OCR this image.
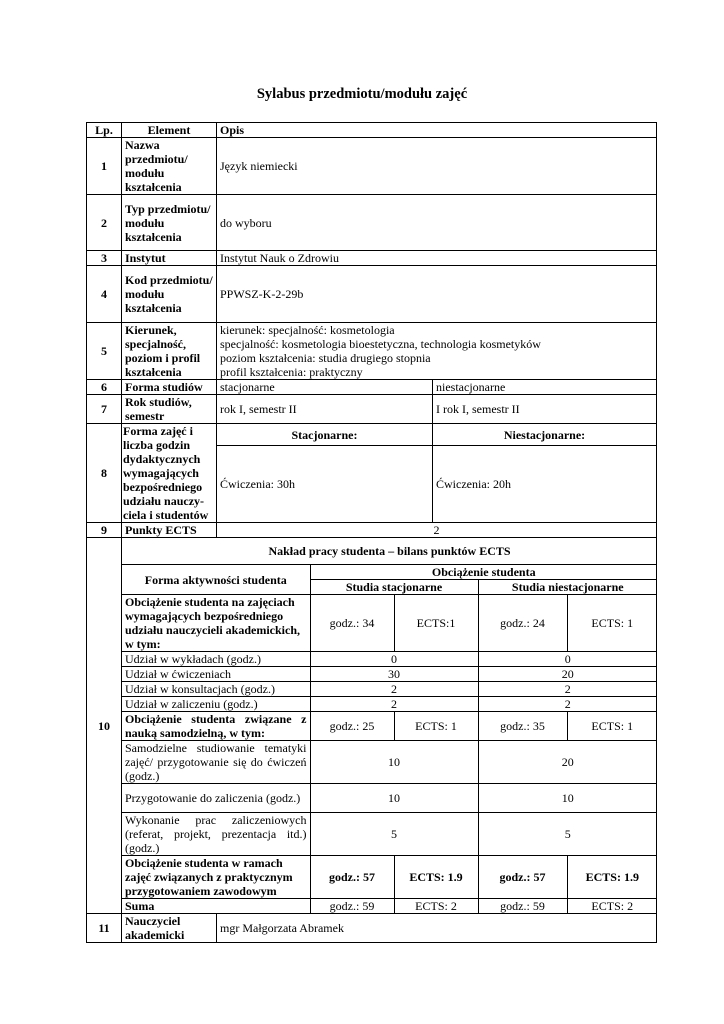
Sylabus przedmiotu/modułu zajęć
Lp.	Element	Opis
1	Nazwa przedmiotu/ modułu kształcenia	Język niemiecki
2	Typ przedmiotu/ modułu kształcenia	do wyboru
3	Instytut	Instytut Nauk o Zdrowiu
4	Kod przedmiotu/ modułu kształcenia	PPWSZ-K-2-29b
5	Kierunek, specjalność, poziom i profil kształcenia	
kierunek: specjalność: kosmetologia
specjalność: kosmetologia bioestetyczna, technologia kosmetyków
poziom kształcenia: studia drugiego stopnia
profil kształcenia: praktyczny

6	Forma studiów	stacjonarne	niestacjonarne
7	Rok studiów, semestr	rok I, semestr II	I rok I, semestr II
8	Forma zajęć i liczba godzin dydaktycznych wymagających bezpośredniego udziału nauczy-ciela i studentów	Stacjonarne:	Niestacjonarne:
Ćwiczenia: 30h	Ćwiczenia: 20h
9	Punkty ECTS	2
10	
Nakład pracy studenta – bilans punktów ECTS
Forma aktywności studenta	Obciążenie studenta
Studia stacjonarne	Studia niestacjonarne
Obciążenie studenta na zajęciach wymagających bezpośredniego udziału nauczycieli akademickich, w tym:	godz.: 34	ECTS:1	godz.: 24	ECTS: 1
Udział w wykładach (godz.)	0	0
Udział w ćwiczeniach	30	20
Udział w konsultacjach (godz.)	2	2
Udział w zaliczeniu (godz.)	2	2
Obciążenie studenta związane z nauką samodzielną, w tym:	godz.: 25	ECTS: 1	godz.: 35	ECTS: 1
Samodzielne studiowanie tematyki zajęć/ przygotowanie się do ćwiczeń (godz.)	10	20
Przygotowanie do zaliczenia (godz.)	10	10
Wykonanie prac zaliczeniowych (referat, projekt, prezentacja itd.) (godz.)	5	5
Obciążenie studenta w ramach zajęć związanych z praktycznym przygotowaniem zawodowym	godz.: 57	ECTS: 1.9	godz.: 57	ECTS: 1.9
Suma	godz.: 59	ECTS: 2	godz.: 59	ECTS: 2

11	Nauczyciel akademicki	mgr Małgorzata Abramek
